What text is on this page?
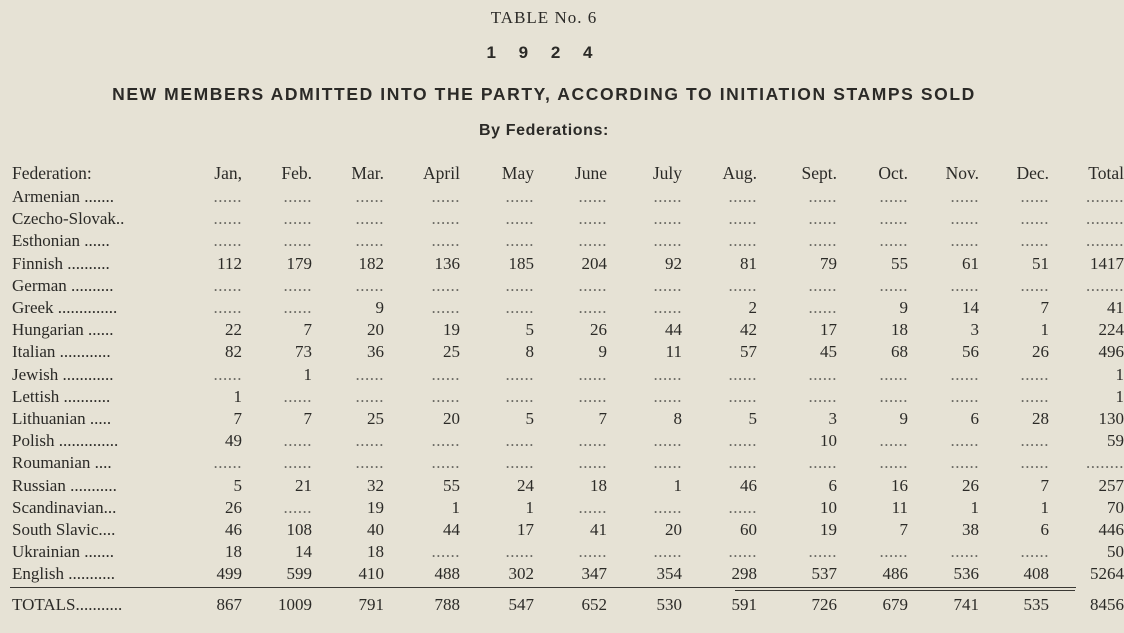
TABLE No. 6
1 9 2 4
NEW MEMBERS ADMITTED INTO THE PARTY, ACCORDING TO INITIATION STAMPS SOLD
By Federations:
Federation:	Jan,	Feb.	Mar.	April	May	June	July	Aug.	Sept.	Oct.	Nov.	Dec.	Total
Armenian .......	......	......	......	......	......	......	......	......	......	......	......	......	........
Czecho-Slovak..	......	......	......	......	......	......	......	......	......	......	......	......	........
Esthonian ......	......	......	......	......	......	......	......	......	......	......	......	......	........
Finnish ..........	112	179	182	136	185	204	92	81	79	55	61	51	1417
German ..........	......	......	......	......	......	......	......	......	......	......	......	......	........
Greek ..............	......	......	9	......	......	......	......	2	......	9	14	7	41
Hungarian ......	22	7	20	19	5	26	44	42	17	18	3	1	224
Italian ............	82	73	36	25	8	9	11	57	45	68	56	26	496
Jewish ............	......	1	......	......	......	......	......	......	......	......	......	......	1
Lettish ...........	1	......	......	......	......	......	......	......	......	......	......	......	1
Lithuanian .....	7	7	25	20	5	7	8	5	3	9	6	28	130
Polish ..............	49	......	......	......	......	......	......	......	10	......	......	......	59
Roumanian ....	......	......	......	......	......	......	......	......	......	......	......	......	........
Russian ...........	5	21	32	55	24	18	1	46	6	16	26	7	257
Scandinavian...	26	......	19	1	1	......	......	......	10	11	1	1	70
South Slavic....	46	108	40	44	17	41	20	60	19	7	38	6	446
Ukrainian .......	18	14	18	......	......	......	......	......	......	......	......	......	50
English ...........	499	599	410	488	302	347	354	298	537	486	536	408	5264
TOTALS...........	867	1009	791	788	547	652	530	591	726	679	741	535	8456
